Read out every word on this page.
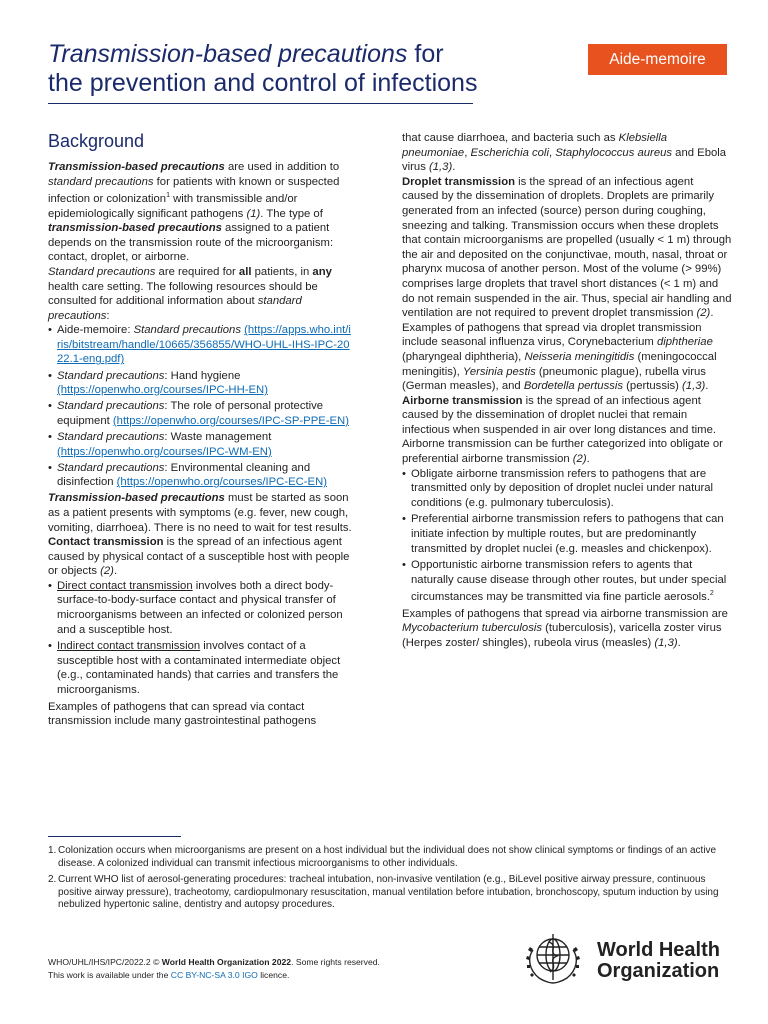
Transmission-based precautions for
the prevention and control of infections
Aide-memoire
Background

Transmission-based precautions are used in addition to standard precautions for patients with known or suspected infection or colonization$^1$ with transmissible and/or epidemiologically significant pathogens (1). The type of transmission-based precautions assigned to a patient depends on the transmission route of the microorganism: contact, droplet, or airborne.

Standard precautions are required for all patients, in any health care setting. The following resources should be consulted for additional information about standard precautions:

• Aide-memoire: Standard precautions (https://apps.who.int/iris/bitstream/handle/10665/356855/WHO-UHL-IHS-IPC-2022.1-eng.pdf)
• Standard precautions: Hand hygiene (https://openwho.org/courses/IPC-HH-EN)
• Standard precautions: The role of personal protective equipment (https://openwho.org/courses/IPC-SP-PPE-EN)
• Standard precautions: Waste management (https://openwho.org/courses/IPC-WM-EN)
• Standard precautions: Environmental cleaning and disinfection (https://openwho.org/courses/IPC-EC-EN)

Transmission-based precautions must be started as soon as a patient presents with symptoms (e.g. fever, new cough, vomiting, diarrhoea). There is no need to wait for test results.

Contact transmission is the spread of an infectious agent caused by physical contact of a susceptible host with people or objects (2).

• Direct contact transmission involves both a direct body-surface-to-body-surface contact and physical transfer of microorganisms between an infected or colonized person and a susceptible host.
• Indirect contact transmission involves contact of a susceptible host with a contaminated intermediate object (e.g., contaminated hands) that carries and transfers the microorganisms.

Examples of pathogens that can spread via contact transmission include many gastrointestinal pathogens

that cause diarrhoea, and bacteria such as Klebsiella pneumoniae, Escherichia coli, Staphylococcus aureus and Ebola virus (1,3).

Droplet transmission is the spread of an infectious agent caused by the dissemination of droplets. Droplets are primarily generated from an infected (source) person during coughing, sneezing and talking. Transmission occurs when these droplets that contain microorganisms are propelled (usually < 1 m) through the air and deposited on the conjunctivae, mouth, nasal, throat or pharynx mucosa of another person. Most of the volume (> 99%) comprises large droplets that travel short distances (< 1 m) and do not remain suspended in the air. Thus, special air handling and ventilation are not required to prevent droplet transmission (2).

Examples of pathogens that spread via droplet transmission include seasonal influenza virus, Corynebacterium diphtheriae (pharyngeal diphtheria), Neisseria meningitidis (meningococcal meningitis), Yersinia pestis (pneumonic plague), rubella virus (German measles), and Bordetella pertussis (pertussis) (1,3).

Airborne transmission is the spread of an infectious agent caused by the dissemination of droplet nuclei that remain infectious when suspended in air over long distances and time. Airborne transmission can be further categorized into obligate or preferential airborne transmission (2).

• Obligate airborne transmission refers to pathogens that are transmitted only by deposition of droplet nuclei under natural conditions (e.g. pulmonary tuberculosis).
• Preferential airborne transmission refers to pathogens that can initiate infection by multiple routes, but are predominantly transmitted by droplet nuclei (e.g. measles and chickenpox).
• Opportunistic airborne transmission refers to agents that naturally cause disease through other routes, but under special circumstances may be transmitted via fine particle aerosols.$^2$

Examples of pathogens that spread via airborne transmission are Mycobacterium tuberculosis (tuberculosis), varicella zoster virus (Herpes zoster/ shingles), rubeola virus (measles) (1,3).

1. Colonization occurs when microorganisms are present on a host individual but the individual does not show clinical symptoms or findings of an active disease. A colonized individual can transmit infectious microorganisms to other individuals.
2. Current WHO list of aerosol-generating procedures: tracheal intubation, non-invasive ventilation (e.g., BiLevel positive airway pressure, continuous positive airway pressure), tracheotomy, cardiopulmonary resuscitation, manual ventilation before intubation, bronchoscopy, sputum induction by using nebulized hypertonic saline, dentistry and autopsy procedures.
WHO/UHL/IHS/IPC/2022.2 © World Health Organization 2022. Some rights reserved.
This work is available under the CC BY-NC-SA 3.0 IGO licence.
World Health
Organization
